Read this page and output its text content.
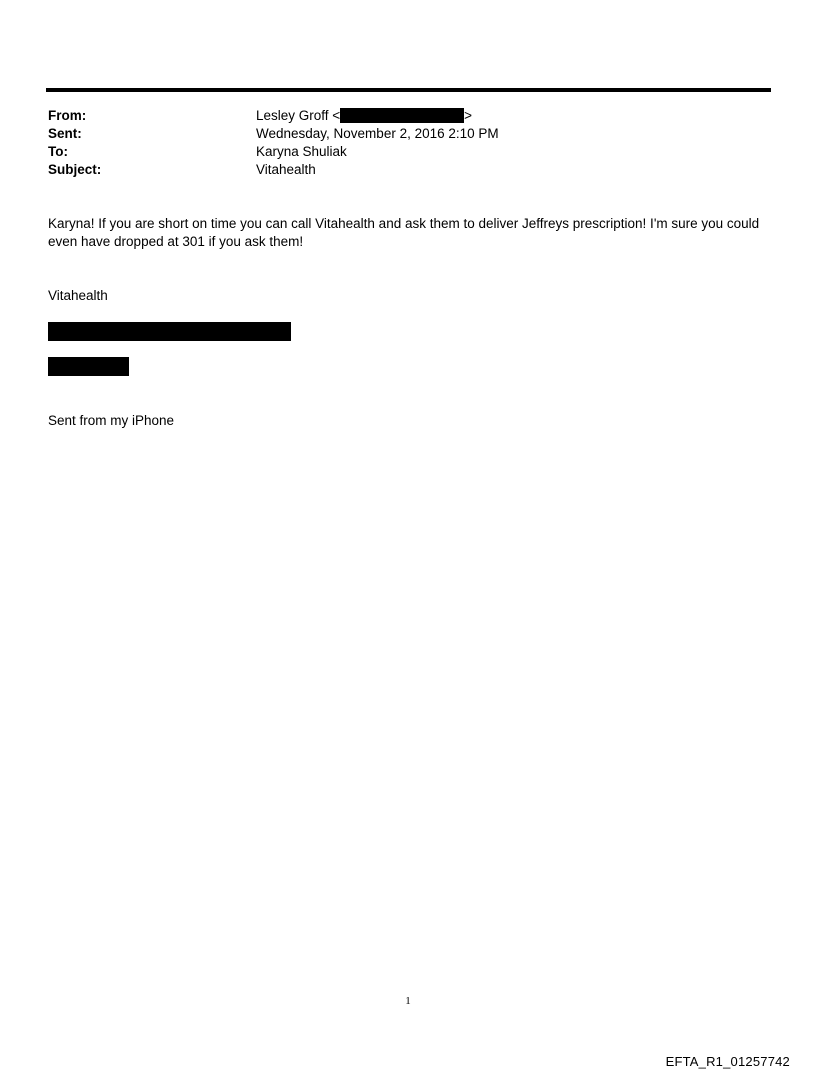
From:	Lesley Groff <	>
Sent:	Wednesday, November 2, 2016 2:10 PM
To:	Karyna Shuliak
Subject:	Vitahealth

Karyna! If you are short on time you can call Vitahealth and ask them to deliver Jeffreys prescription! I'm sure you could even have dropped at 301 if you ask them!

Vitahealth
Sent from my iPhone
1
EFTA_R1_01257742
